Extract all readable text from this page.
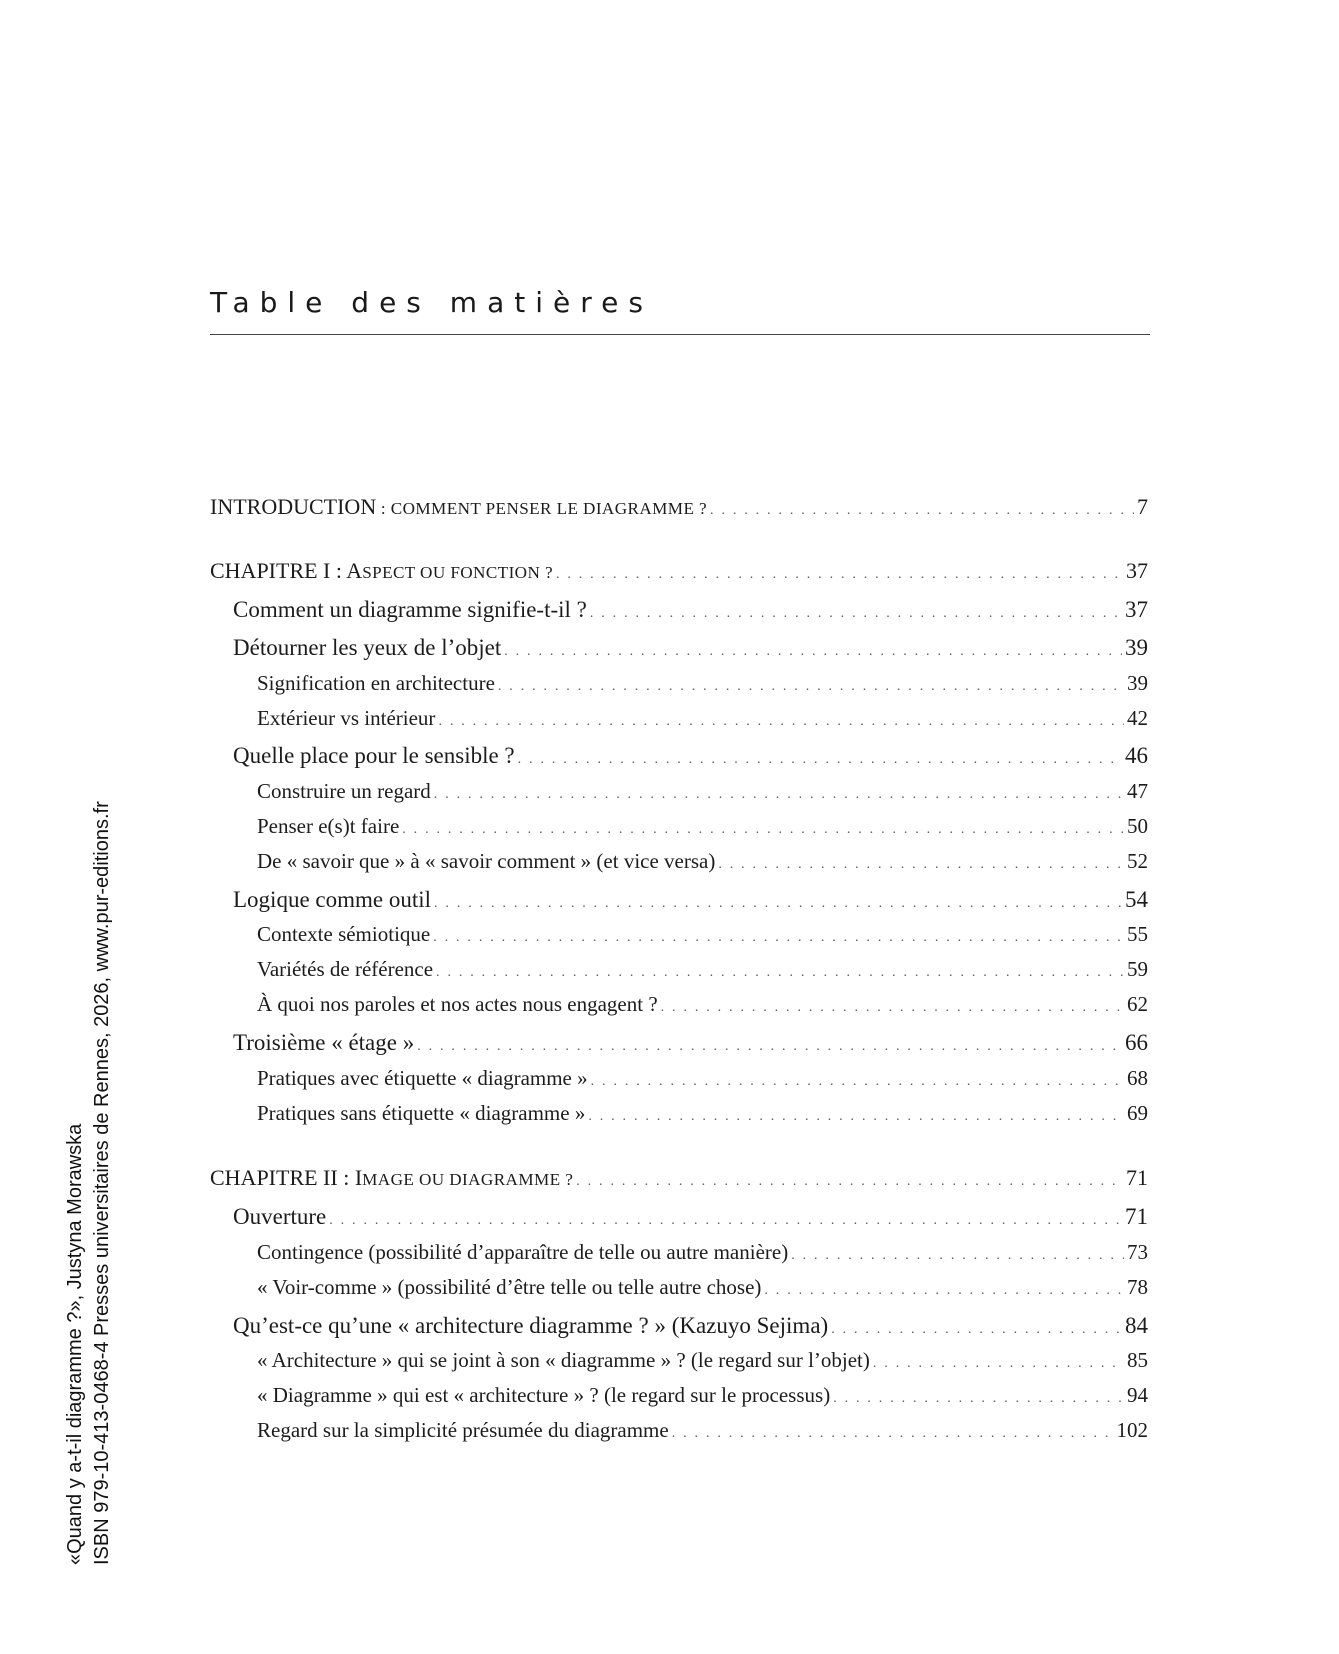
Table des matières
INTRODUCTION : COMMENT PENSER LE DIAGRAMME ? . . .	7
CHAPITRE I : ASPECT OU FONCTION ? . . .	37
Comment un diagramme signifie-t-il ? . . .	37
Détourner les yeux de l’objet . . .	39
Signification en architecture . . .	39
Extérieur vs intérieur . . .	42
Quelle place pour le sensible ? . . .	46
Construire un regard . . .	47
Penser e(s)t faire . . .	50
De « savoir que » à « savoir comment » (et vice versa) . . .	52
Logique comme outil . . .	54
Contexte sémiotique . . .	55
Variétés de référence . . .	59
À quoi nos paroles et nos actes nous engagent ? . . .	62
Troisième « étage » . . .	66
Pratiques avec étiquette « diagramme » . . .	68
Pratiques sans étiquette « diagramme » . . .	69
CHAPITRE II : IMAGE OU DIAGRAMME ? . . .	71
Ouverture . . .	71
Contingence (possibilité d’apparaître de telle ou autre manière) . . .	73
« Voir-comme » (possibilité d’être telle ou telle autre chose) . . .	78
Qu’est-ce qu’une « architecture diagramme ? » (Kazuyo Sejima) . . .	84
« Architecture » qui se joint à son « diagramme » ? (le regard sur l’objet) . . .	85
« Diagramme » qui est « architecture » ? (le regard sur le processus) . . .	94
Regard sur la simplicité présumée du diagramme . . .	102
«Quand y a-t-il diagramme ?», Justyna Morawska ISBN 979-10-413-0468-4 Presses universitaires de Rennes, 2026, www.pur-editions.fr
